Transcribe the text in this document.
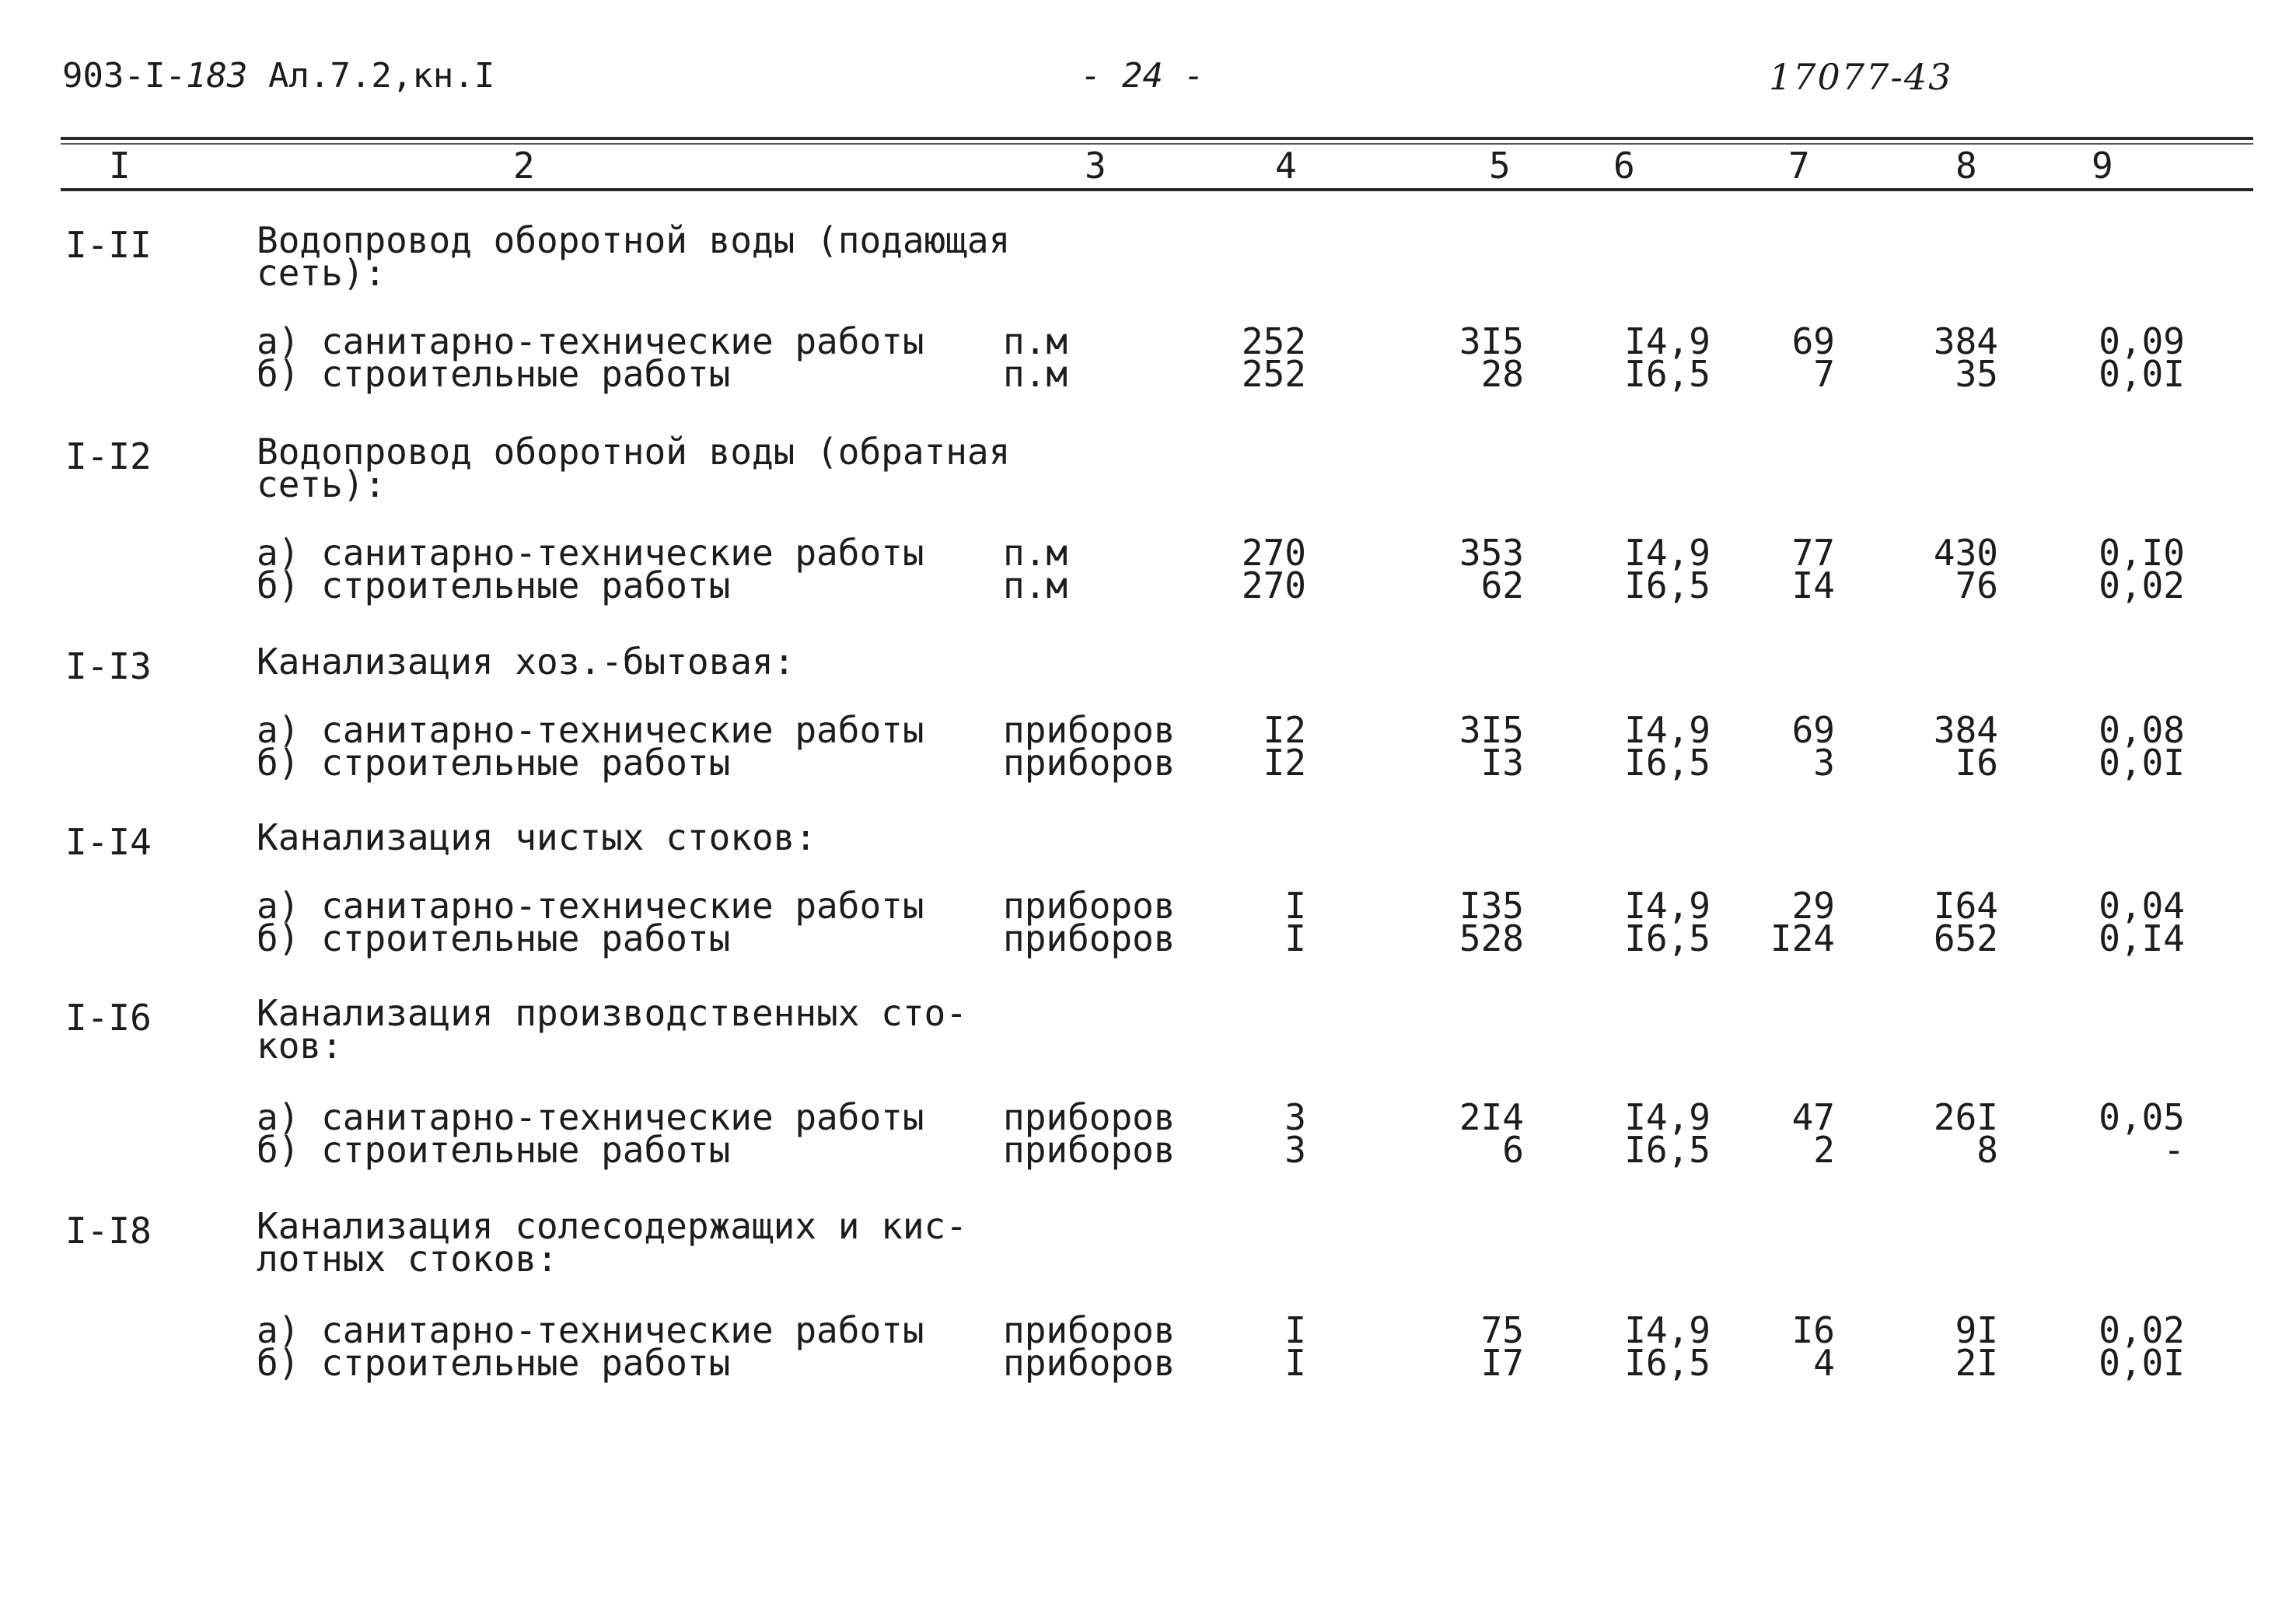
903-I-183 Ал.7.2,кн.I	- 24 -	17077-43
I	2	3	4	5	6	7	8	9
I-II	Водопровод оборотной воды (подающая
сеть):
а) санитарно-технические работы п.м	252	3I5	I4,9	69	384	0,09
б) строительные работы	п.м	252	28	I6,5	7	35	0,0I
I-I2	Водопровод оборотной воды (обратная
сеть):
а) санитарно-технические работы п.м	270	353	I4,9	77	430	0,I0
б) строительные работы	п.м	270	62	I6,5	I4	76	0,02
I-I3	Канализация хоз.-бытовая:
а) санитарно-технические работы приборов	I2	3I5	I4,9	69	384	0,08
б) строительные работы	приборов	I2	I3	I6,5	3	I6	0,0I
I-I4	Канализация чистых стоков:
а) санитарно-технические работы приборов	I	I35	I4,9	29	I64	0,04
б) строительные работы	приборов	I	528	I6,5	I24	652	0,I4
I-I6	Канализация производственных сто-
ков:
а) санитарно-технические работы приборов	3	2I4	I4,9	47	26I	0,05
б) строительные работы	приборов	3	6	I6,5	2	8	-
I-I8	Канализация солесодержащих и кис-
лотных стоков:
а) санитарно-технические работы приборов	I	75	I4,9	I6	9I	0,02
б) строительные работы	приборов	I	I7	I6,5	4	2I	0,0I
